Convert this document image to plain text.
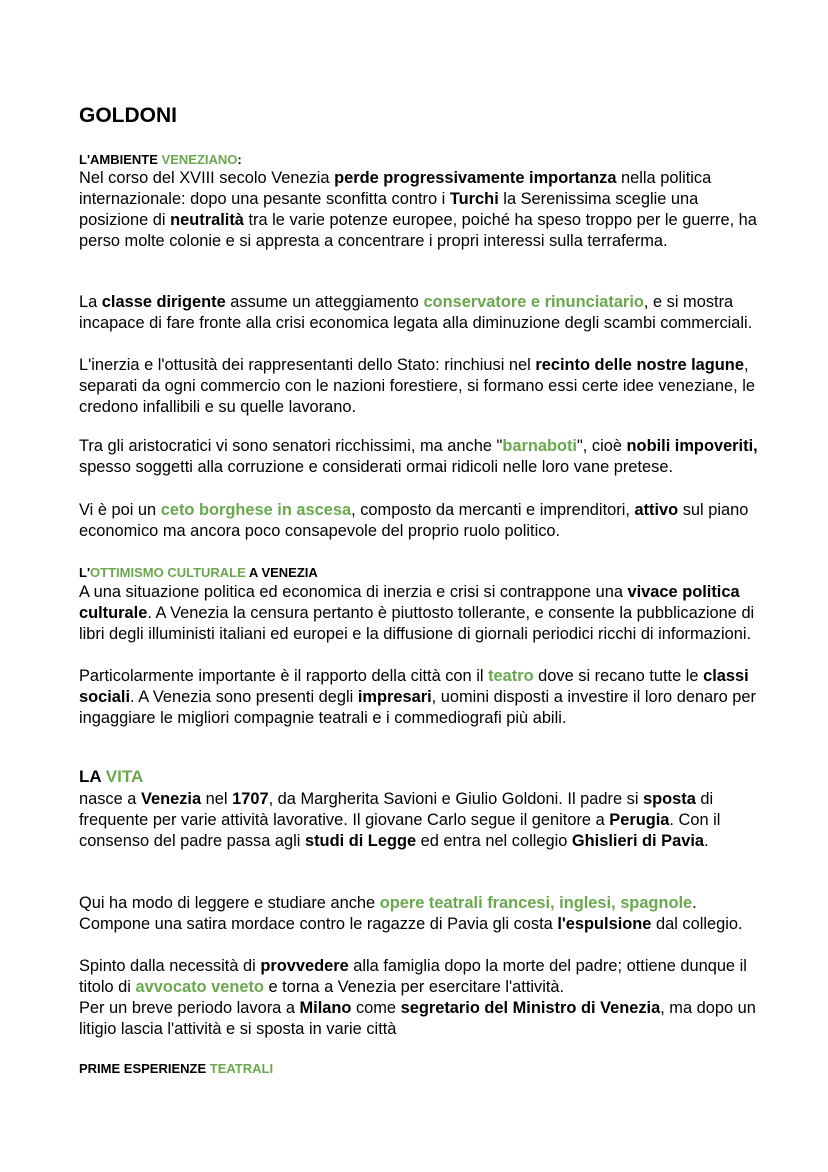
GOLDONI
L'AMBIENTE VENEZIANO:

Nel corso del XVIII secolo Venezia perde progressivamente importanza nella politica internazionale: dopo una pesante sconfitta contro i Turchi la Serenissima sceglie una posizione di neutralità tra le varie potenze europee, poiché ha speso troppo per le guerre, ha perso molte colonie e si appresta a concentrare i propri interessi sulla terraferma.

La classe dirigente assume un atteggiamento conservatore e rinunciatario, e si mostra incapace di fare fronte alla crisi economica legata alla diminuzione degli scambi commerciali.

L'inerzia e l'ottusità dei rappresentanti dello Stato: rinchiusi nel recinto delle nostre lagune, separati da ogni commercio con le nazioni forestiere, si formano essi certe idee veneziane, le credono infallibili e su quelle lavorano.

Tra gli aristocratici vi sono senatori ricchissimi, ma anche "barnaboti", cioè nobili impoveriti, spesso soggetti alla corruzione e considerati ormai ridicoli nelle loro vane pretese.

Vi è poi un ceto borghese in ascesa, composto da mercanti e imprenditori, attivo sul piano economico ma ancora poco consapevole del proprio ruolo politico.

L'OTTIMISMO CULTURALE A VENEZIA

A una situazione politica ed economica di inerzia e crisi si contrappone una vivace politica culturale. A Venezia la censura pertanto è piuttosto tollerante, e consente la pubblicazione di libri degli illuministi italiani ed europei e la diffusione di giornali periodici ricchi di informazioni.

Particolarmente importante è il rapporto della città con il teatro dove si recano tutte le classi sociali. A Venezia sono presenti degli impresari, uomini disposti a investire il loro denaro per ingaggiare le migliori compagnie teatrali e i commediografi più abili.

LA VITA

nasce a Venezia nel 1707, da Margherita Savioni e Giulio Goldoni. Il padre si sposta di frequente per varie attività lavorative. Il giovane Carlo segue il genitore a Perugia. Con il consenso del padre passa agli studi di Legge ed entra nel collegio Ghislieri di Pavia.

Qui ha modo di leggere e studiare anche opere teatrali francesi, inglesi, spagnole. Compone una satira mordace contro le ragazze di Pavia gli costa l'espulsione dal collegio.

Spinto dalla necessità di provvedere alla famiglia dopo la morte del padre; ottiene dunque il titolo di avvocato veneto e torna a Venezia per esercitare l'attività.

Per un breve periodo lavora a Milano come segretario del Ministro di Venezia, ma dopo un litigio lascia l'attività e si sposta in varie città

PRIME ESPERIENZE TEATRALI
